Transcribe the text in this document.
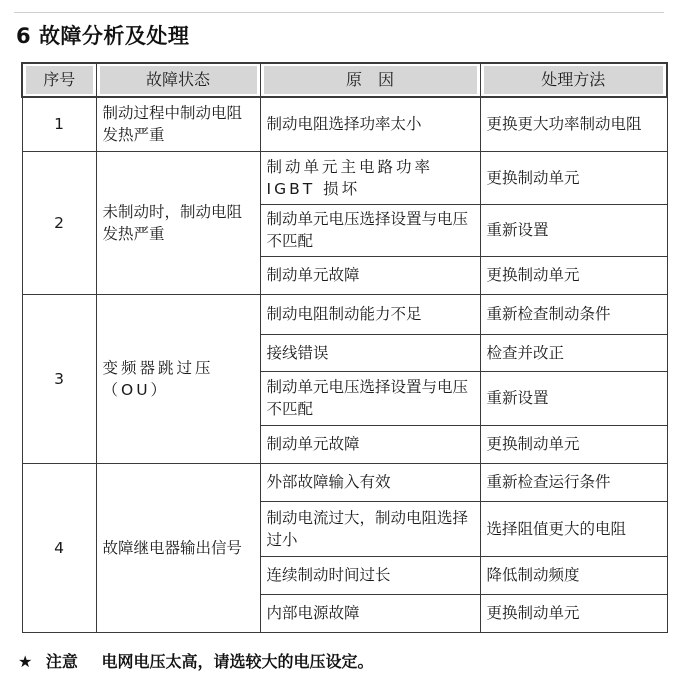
6 故障分析及处理
序号	故障状态	原　因	处理方法

1	制动过程中制动电阻发热严重	制动电阻选择功率太小	更换更大功率制动电阻
2	未制动时，制动电阻发热严重	制动单元主电路功率IGBT 损坏	更换制动单元
		制动单元电压选择设置与电压不匹配	重新设置
		制动单元故障	更换制动单元
3	变频器跳过压（OU）	制动电阻制动能力不足	重新检查制动条件
		接线错误	检查并改正
		制动单元电压选择设置与电压不匹配	重新设置
		制动单元故障	更换制动单元
4	故障继电器输出信号	外部故障输入有效	重新检查运行条件
		制动电流过大，制动电阻选择过小	选择阻值更大的电阻
		连续制动时间过长	降低制动频度
		内部电源故障	更换制动单元
★ 注意 电网电压太高，请选较大的电压设定。
